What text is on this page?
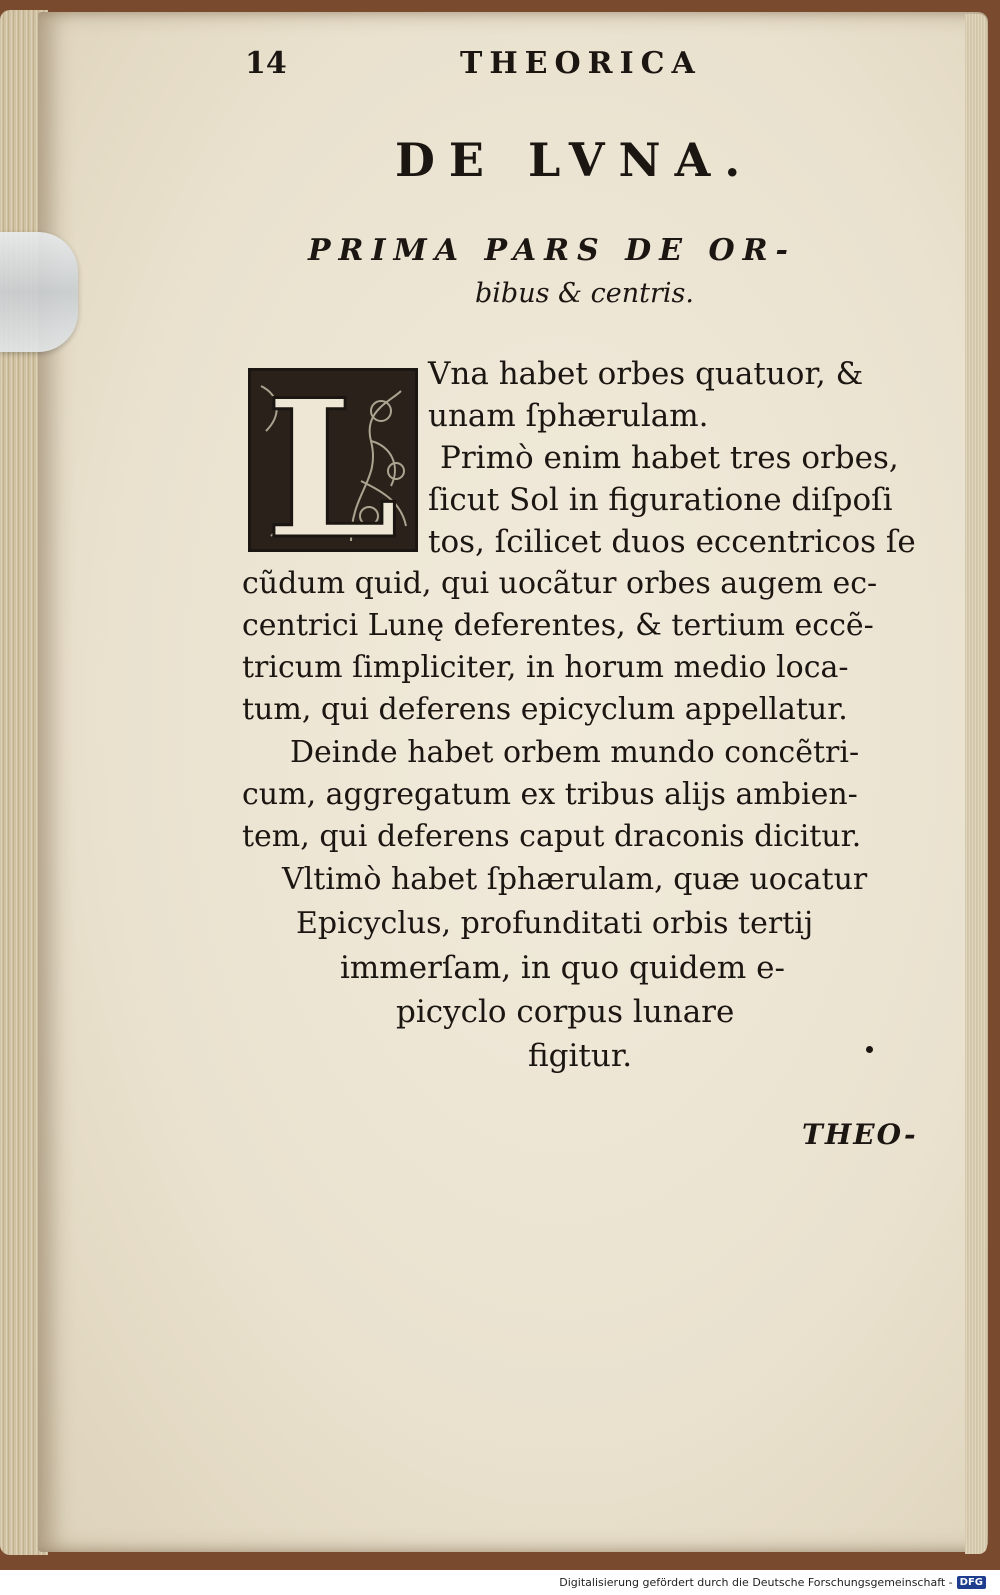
14	THEORICA
DE LVNA.
PRIMA PARS DE OR-
bibus & centris.
L Vna habet orbes quatuor, &
unam ſphærulam.
Primò enim habet tres orbes,
ſicut Sol in figuratione diſpoſi
tos, ſcilicet duos eccentricos ſe
cũdum quid, qui uocãtur orbes augem ec-
centrici Lunę deferentes, & tertium eccẽ-
tricum ſimpliciter, in horum medio loca-
tum, qui deferens epicyclum appellatur.
Deinde habet orbem mundo concẽtri-
cum, aggregatum ex tribus alijs ambien-
tem, qui deferens caput draconis dicitur.
Vltimò habet ſphærulam, quæ uocatur
Epicyclus, profunditati orbis tertij
immerſam, in quo quidem e-
picyclo corpus lunare
figitur.
THEO-
Digitalisierung gefördert durch die Deutsche Forschungsgemeinschaft - DFG
